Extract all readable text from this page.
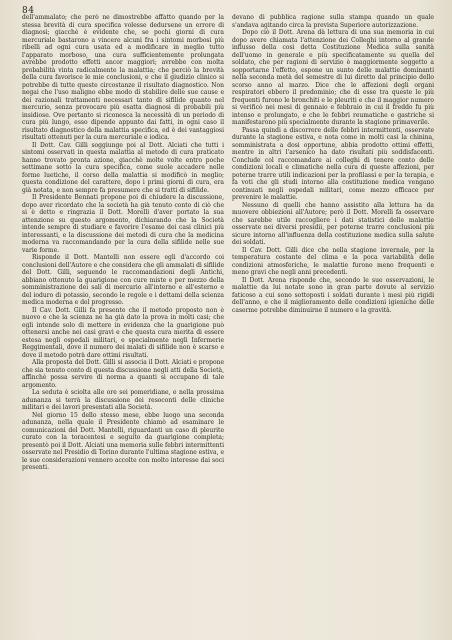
84

dell'ammalato; che però ne dimostrebbe affatto quando per la stessa brevità di cura specifica volesse dedursene un errore di diagnosi; giacchè è evidente che, se pochi giorni di cura mercuriale bastarono a vincere alcuni fra i sintomi morbosi più ribelli ad ogni cura usata ed a modificare in meglio tutto l'apparato morboso, una cura sufficientemente prolungata avrebbe prodotto effetti ancor maggiori; avrebbe con molta probabilità vinta radicalmente la malattia; che perciò la brevità della cura favorisce le mie conclusioni, e che il giudizio clinico si potrebbe di tutte queste circostanze il risultato diagnostico. Non negai che l'uso maligno ebbe modo di stabilire delle sue cause e dei razionali trattamenti necessari tanto di sifilide quanto nel mercurio, senza provocare più esatta diagnosi di probabili più insidiose. Ove pertanto si riconosca la necessità di un periodo di cura più lungo, esso dipende appunto dai fatti, in ogni caso il risultato diagnostico della malattia specifica, ed è dei vantaggiosi risultati ottenuti per la cura mercuriale e iodica.

Il Dott. Cav. Gilli soggiunge poi al Dott. Alciati che tutti i sintomi osservati in questa malattia al metodo di cura praticato hanno trovato pronta azione, giacchè molte volte entro poche settimane sotto la cura specifica, come suole accadere nelle forme luetiche, il corso della malattia si modificò in meglio; questa condizione del carattere, dopo i primi giorni di cura, era già notata, e non sempre fa presumere che si tratti di sifilide.

Il Presidente Bennati propone poi di chiudere la discussione, dopo aver ricordato che la società ha già tenuto conto di ciò che si è detto e ringrazia il Dott. Morelli d'aver portato la sua attenzione su questo argomento, dichiarando che la Società intende sempre di studiare e favorire l'esame dei casi clinici più interessanti, e la discussione dei metodi di cura che la medicina moderna va raccomandando per la cura della sifilide nelle sue varie forme.

Risponde il Dott. Mantelli non essere egli d'accordo coi conclusioni dell'Autore e che considera che gli ammalati di sifilide del Dott. Gilli, seguendo le raccomandazioni degli Antichi, abbiano ottenuto la guarigione con cure miste e per mezzo della somministrazione dei sali di mercurio all'interno e all'esterno e del ioduro di potassio, secondo le regole e i dettami della scienza medica moderna e del progresso.

Il Cav. Dott. Gilli fa presente che il metodo proposto non è nuovo e che la scienza ne ha già dato la prova in molti casi; che egli intende solo di mettere in evidenza che la guarigione può ottenersi anche nei casi gravi e che questa cura merita di essere estesa negli ospedali militari, e specialmente negli Infermerie Reggimentali, dove il numero dei malati di sifilide non è scarso e dove il metodo potrà dare ottimi risultati.

Alla proposta del Dott. Gilli si associa il Dott. Alciati e propone che sia tenuto conto di questa discussione negli atti della Società, affinchè possa servire di norma a quanti si occupano di tale argomento.

La seduta è sciolta alle ore sei pomeridiane, e nella prossima adunanza si terrà la discussione dei resoconti delle cliniche militari e dei lavori presentati alla Società.

Nel giorno 15 dello stesso mese, ebbe luogo una seconda adunanza, nella quale il Presidente chiamò ad esaminare le comunicazioni del Dott. Mantelli, riguardanti un caso di pleurite curato con la toracentesi e seguito da guarigione completa; presentò poi il Dott. Alciati una memoria sulle febbri intermittenti osservate nel Presidio di Torino durante l'ultima stagione estiva, e le sue considerazioni vennero accolte con molto interesse dai soci presenti.

devano di pubblica ragione sulla stampa quando un quale s'andava agitando circa la prevista Superiore autorizzazione.

Dopo ciò il Dott. Arena dà lettura di una sua memoria in cui dopo avere chiamata l'attenzione dei Colleghi intorno al grande influsso della così detta Costituzione Medica sulla sanità dell'uomo in generale e più specificatamente su quella del soldato, che per ragioni di servizio è maggiormente soggetto a sopportarne l'effetto, espone un sunto delle malattie dominanti nella seconda metà del semestre di lui diretto dal principio dello scorso anno al marzo. Dice che le affezioni degli organi respiratori ebbero il predominio; che di esse tra queste le più frequenti furono le bronchiti e le pleuriti e che il maggior numero si verificò nei mesi di gennaio e febbraio in cui il freddo fu più intenso e prolungato, e che le febbri reumatiche e gastriche si manifestarono più specialmente durante la stagione primaverile.

Passa quindi a discorrere delle febbri intermittenti, osservate durante la stagione estiva, e nota come in molti casi la chinina, somministrata a dosi opportune, abbia prodotto ottimi effetti, mentre in altri l'arsenico ha dato risultati più soddisfacenti. Conclude col raccomandare ai colleghi di tenere conto delle condizioni locali e climatiche nella cura di queste affezioni, per poterne trarre utili indicazioni per la profilassi e per la terapia, e fa voti che gli studi intorno alla costituzione medica vengano continuati negli ospedali militari, come mezzo efficace per prevenire le malattie.

Nessuno di quelli che hanno assistito alla lettura ha da muovere obbiezioni all'Autore; però il Dott. Morelli fa osservare che sarebbe utile raccogliere i dati statistici delle malattie osservate nei diversi presidii, per poterne trarre conclusioni più sicure intorno all'influenza della costituzione medica sulla salute dei soldati.

Il Cav. Dott. Gilli dice che nella stagione invernale, per la temperatura costante del clima e la poca variabilità delle condizioni atmosferiche, le malattie furono meno frequenti e meno gravi che negli anni precedenti.

Il Dott. Arena risponde che, secondo le sue osservazioni, le malattie da lui notate sono in gran parte dovute al servizio faticoso a cui sono sottoposti i soldati durante i mesi più rigidi dell'anno, e che il miglioramento delle condizioni igieniche delle caserme potrebbe diminuirne il numero e la gravità.
